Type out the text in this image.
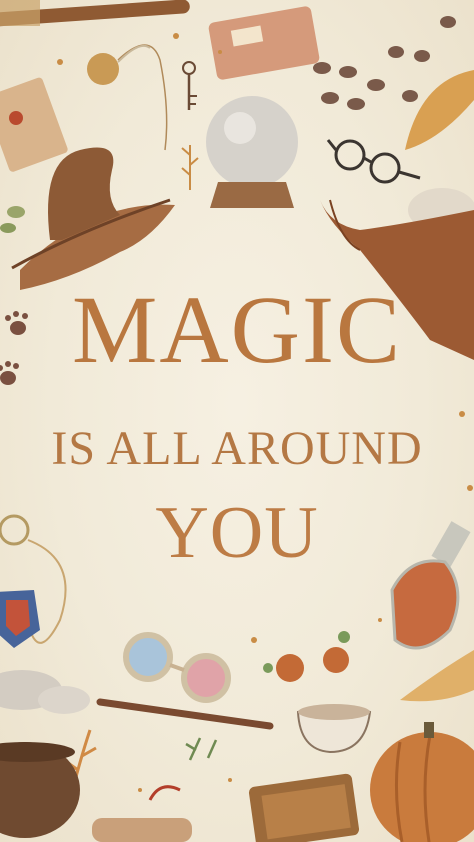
MAGIC
IS ALL AROUND
YOU
